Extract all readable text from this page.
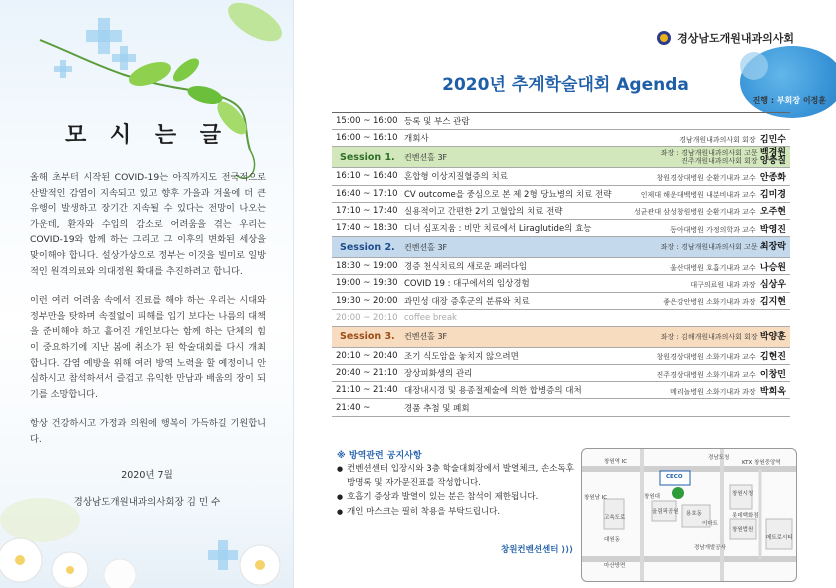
모 시 는 글

올해 초부터 시작된 COVID-19는 아직까지도 전국적으로 산발적인 감염이 지속되고 있고 향후 가을과 겨울에 더 큰 유행이 발생하고 장기간 지속될 수 있다는 전망이 나오는 가운데, 환자와 수입의 감소로 어려움을 겪는 우리는 COVID-19와 함께 하는 그리고 그 이후의 변화된 세상을 맞이해야 합니다. 설상가상으로 정부는 이것을 빌미로 일방적인 원격의료와 의대정원 확대를 추진하려고 합니다.

이런 여러 어려움 속에서 진료를 해야 하는 우리는 시대와 정부만을 탓하며 속절없이 피해를 입기 보다는 나름의 대책을 준비해야 하고 흩어진 개인보다는 함께 하는 단체의 힘이 중요하기에 지난 봄에 취소가 된 학술대회를 다시 개최합니다. 감염 예방을 위해 여러 방역 노력을 할 예정이니 안심하시고 참석하셔서 즐겁고 유익한 만남과 배움의 장이 되기를 소망합니다.

항상 건강하시고 가정과 의원에 행복이 가득하길 기원합니다.

2020년 7월
경상남도개원내과의사회장 김 민 수
경상남도개원내과의사회
2020년 추계학술대회 Agenda
진행 : 부회장 이정훈
15:00 ~ 16:00 등록 및 부스 관람
16:00 ~ 16:10 개회사	경남개원내과의사회 회장 김민수
Session 1.	컨벤션홀 3F	좌장 : 경남개원내과의사회 고문 백경원
진주개원내과의사회 회장 양충질
16:10 ~ 16:40 혼합형 이상지질혈증의 치료	창원경상대병원 순환기내과 교수 안종화
16:40 ~ 17:10 CV outcome을 중심으로 본 제 2형 당뇨병의 치료 전략	인제대 해운대백병원 내분비내과 교수 김미경
17:10 ~ 17:40 실용적이고 간편한 2기 고혈압의 치료 전략	성균관대 삼성창원병원 순환기내과 교수 오주현
17:40 ~ 18:30 디너 심포지움 : 비만 치료에서 Liraglutide의 효능	동아대병원 가정의학과 교수 박영진
Session 2.	컨벤션홀 3F	좌장 : 경남개원내과의사회 고문 최장락
18:30 ~ 19:00 경증 천식치료의 새로운 패러다임	울산대병원 호흡기내과 교수 나승원
19:00 ~ 19:30 COVID 19 : 대구에서의 임상경험	대구의료원 내과 과장 심상우
19:30 ~ 20:00 과민성 대장 증후군의 분류와 치료	좋은강안병원 소화기내과 과장 김지현
20:00 ~ 20:10 coffee break
Session 3.	컨벤션홀 3F	좌장 : 김해개원내과의사회 회장 박양훈
20:10 ~ 20:40 조기 식도암을 놓치지 않으려면	창원경상대병원 소화기내과 교수 김현진
20:40 ~ 21:10 장상피화생의 관리	진주경상대병원 소화기내과 교수 이창민
21:10 ~ 21:40 대장내시경 및 용종절제술에 의한 합병증의 대처	메리놀병원 소화기내과 과장 박희옥
21:40 ~	경품 추첨 및 폐회
※ 방역관련 공지사항
● 컨벤션센터 입장시와 3층 학술대회장에서 발열체크, 손소독후 방명록 및 자가문진표를 작성합니다.
● 호흡기 증상과 발열이 있는 분은 참석이 제한됩니다.
● 개인 마스크는 필히 착용을 부탁드립니다.
창원컨벤션센터 ⟩⟩⟩
창원역 IC
경남도청
KTX 창원중앙역
CECO
창원시청
창원남 IC	창원대
올림픽공원
고속도로
용호동
이마트
롯데백화점
경남개발공사
마산방면
대원동
창원법원
메트로시티
